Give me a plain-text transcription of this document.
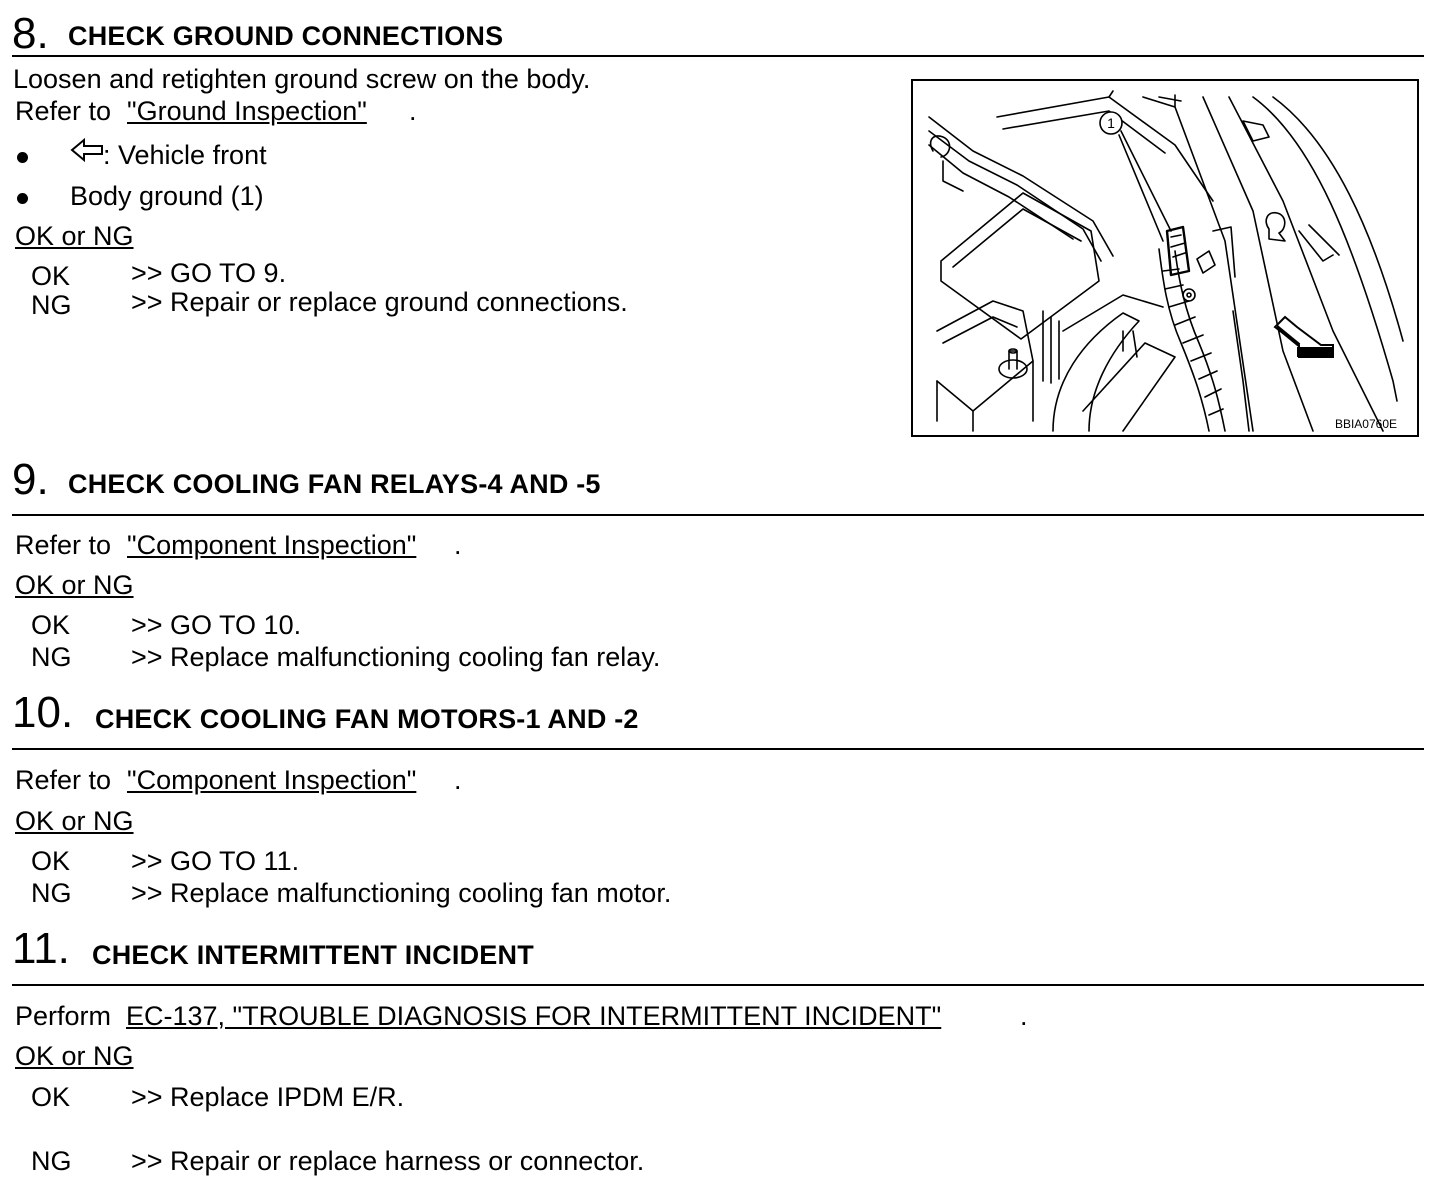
8. CHECK GROUND CONNECTIONS
Loosen and retighten ground screw on the body.
Refer to "Ground Inspection" .
: Vehicle front
Body ground (1)
OK or NG
OK >> GO TO 9.
NG >> Repair or replace ground connections.
1
BBIA0760E
9. CHECK COOLING FAN RELAYS-4 AND -5
Refer to "Component Inspection" .
OK or NG
OK >> GO TO 10.
NG >> Replace malfunctioning cooling fan relay.
10. CHECK COOLING FAN MOTORS-1 AND -2
Refer to "Component Inspection" .
OK or NG
OK >> GO TO 11.
NG >> Replace malfunctioning cooling fan motor.
11. CHECK INTERMITTENT INCIDENT
Perform EC-137, "TROUBLE DIAGNOSIS FOR INTERMITTENT INCIDENT"	.
OK or NG
OK >> Replace IPDM E/R.
NG >> Repair or replace harness or connector.
